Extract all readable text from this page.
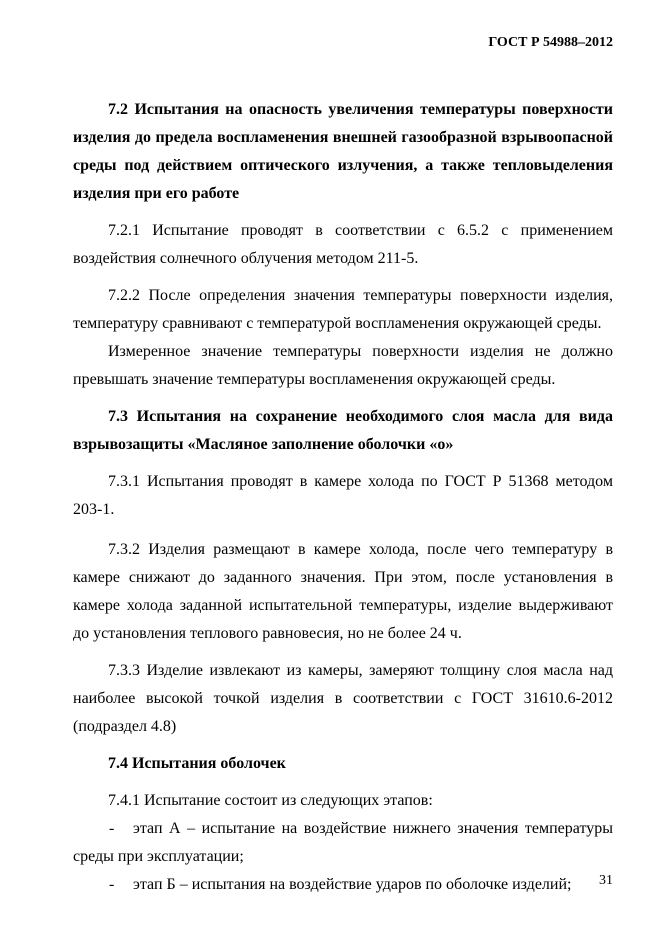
ГОСТ Р 54988–2012

7.2 Испытания на опасность увеличения температуры поверхности изделия до предела воспламенения внешней газообразной взрывоопасной среды под действием оптического излучения, а также тепловыделения изделия при его работе

7.2.1 Испытание проводят в соответствии с 6.5.2 с применением воздействия солнечного облучения методом 211-5.

7.2.2 После определения значения температуры поверхности изделия, температуру сравнивают с температурой воспламенения окружающей среды.

Измеренное значение температуры поверхности изделия не должно превышать значение температуры воспламенения окружающей среды.

7.3 Испытания на сохранение необходимого слоя масла для вида взрывозащиты «Масляное заполнение оболочки «о»

7.3.1 Испытания проводят в камере холода по ГОСТ Р 51368 методом 203-1.

7.3.2 Изделия размещают в камере холода, после чего температуру в камере снижают до заданного значения. При этом, после установления в камере холода заданной испытательной температуры, изделие выдерживают до установления теплового равновесия, но не более 24 ч.

7.3.3 Изделие извлекают из камеры, замеряют толщину слоя масла над наиболее высокой точкой изделия в соответствии с ГОСТ 31610.6-2012 (подраздел 4.8)

7.4 Испытания оболочек

7.4.1 Испытание состоит из следующих этапов:

- этап А – испытание на воздействие нижнего значения температуры среды при эксплуатации;

- этап Б – испытания на воздействие ударов по оболочке изделий;	31
